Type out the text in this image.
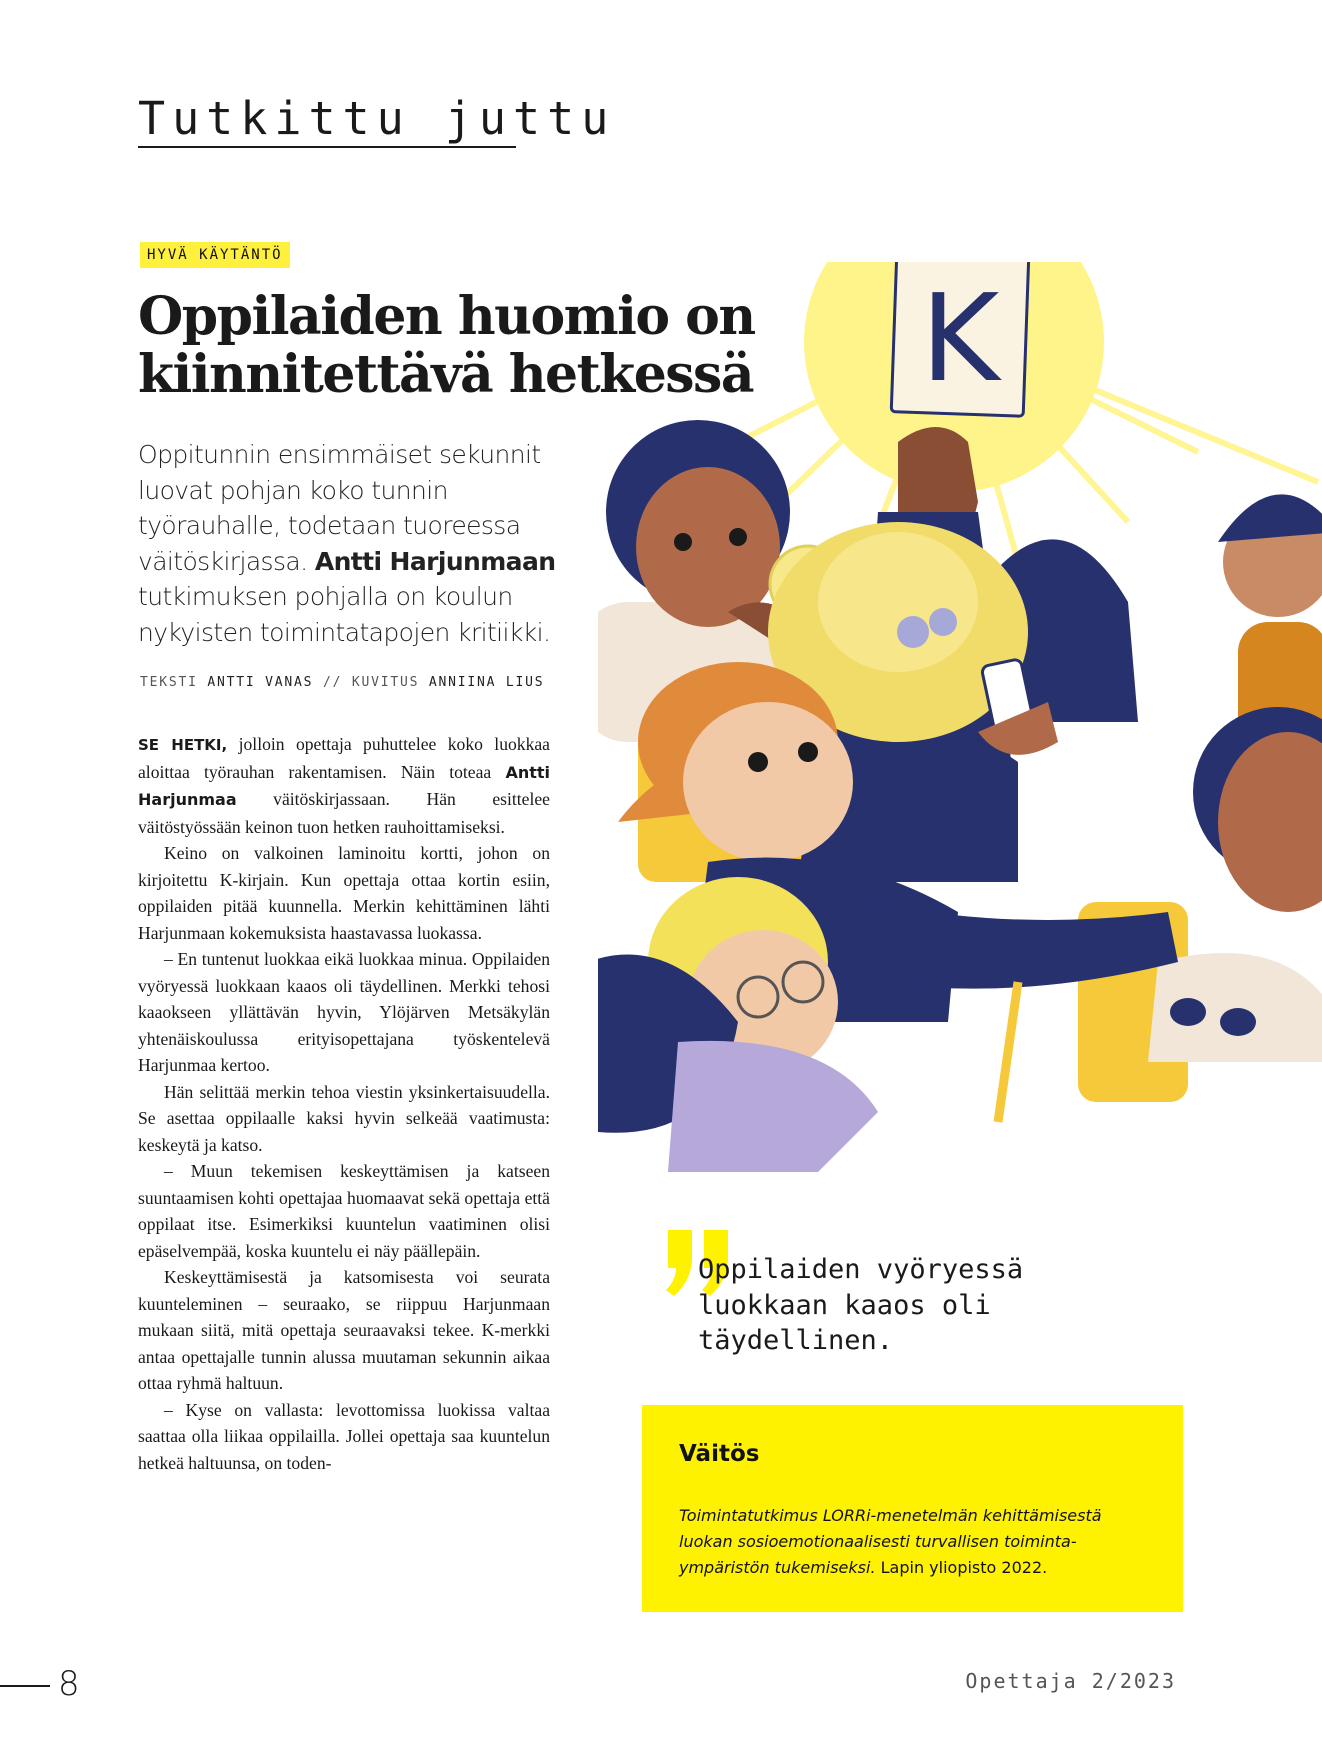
Tutkittu juttu
HYVÄ KÄYTÄNTÖ
Oppilaiden huomio on kiinnitettävä hetkessä

Oppitunnin ensimmäiset sekunnit luovat pohjan koko tunnin työrauhalle, todetaan tuoreessa väitöskirjassa. Antti Harjunmaan tutkimuksen pohjalla on koulun nykyisten toimintatapojen kritiikki.

TEKSTI ANTTI VANAS // KUVITUS ANNIINA LIUS

SE HETKI, jolloin opettaja puhuttelee koko luokkaa aloittaa työrauhan rakentamisen. Näin toteaa Antti Harjunmaa väitöskirjassaan. Hän esittelee väitöstyössään keinon tuon hetken rauhoittamiseksi.

Keino on valkoinen laminoitu kortti, johon on kirjoitettu K-kirjain. Kun opettaja ottaa kortin esiin, oppilaiden pitää kuunnella. Merkin kehittäminen lähti Harjunmaan kokemuksista haastavassa luokassa.

– En tuntenut luokkaa eikä luokkaa minua. Oppilaiden vyöryessä luokkaan kaaos oli täydellinen. Merkki tehosi kaaokseen yllättävän hyvin, Ylöjärven Metsäkylän yhtenäiskoulussa erityisopettajana työskentelevä Harjunmaa kertoo.

Hän selittää merkin tehoa viestin yksinkertaisuudella. Se asettaa oppilaalle kaksi hyvin selkeää vaatimusta: keskeytä ja katso.

– Muun tekemisen keskeyttämisen ja katseen suuntaamisen kohti opettajaa huomaavat sekä opettaja että oppilaat itse. Esimerkiksi kuuntelun vaatiminen olisi epäselvempää, koska kuuntelu ei näy päällepäin.

Keskeyttämisestä ja katsomisesta voi seurata kuunteleminen – seuraako, se riippuu Harjunmaan mukaan siitä, mitä opettaja seuraavaksi tekee. K-merkki antaa opettajalle tunnin alussa muutaman sekunnin aikaa ottaa ryhmä haltuun.

– Kyse on vallasta: levottomissa luokissa valtaa saattaa olla liikaa oppilailla. Jollei opettaja saa kuuntelun hetkeä haltuunsa, on toden-

K

Oppilaiden vyöryessä luokkaan kaaos oli täydellinen.

Väitös

Toimintatutkimus LORRi-menetelmän kehittämisestä luokan sosioemotionaalisesti turvallisen toimintaympäristön tukemiseksi. Lapin yliopisto 2022.

8	Opettaja 2/2023
